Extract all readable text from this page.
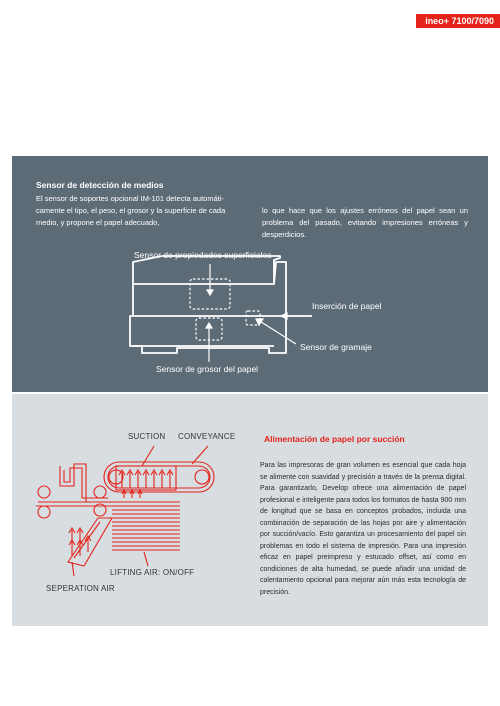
ineo+ 7100/7090
Sensor de detección de medios
El sensor de soportes opcional IM-101 detecta automáti-
camente el tipo, el peso, el grosor y la superficie de cada
medio, y propone el papel adecuado,
lo que hace que los ajustes erróneos del papel sean un problema del pasado, evitando impresiones erróneas y desperdicios.
Sensor de propiedades superficiales
Inserción de papel
Sensor de gramaje
Sensor de grosor del papel
Alimentación de papel por succión
Para las impresoras de gran volumen es esencial que cada hoja se alimente con suavidad y precisión a través de la prensa digital. Para garantizarlo, Develop ofrece una alimentación de papel profesional e inteligente para todos los formatos de hasta 900 mm de longitud que se basa en conceptos probados, incluida una combinación de separación de las hojas por aire y alimentación por succión/vacío. Esto garantiza un procesamiento del papel sin problemas en todo el sistema de impresión. Para una impresión eficaz en papel preimpreso y estucado offset, así como en condiciones de alta humedad, se puede añadir una unidad de calentamiento opcional para mejorar aún más esta tecnología de precisión.
SUCTION CONVEYANCE
LIFTING AIR: ON/OFF
SEPERATION AIR
